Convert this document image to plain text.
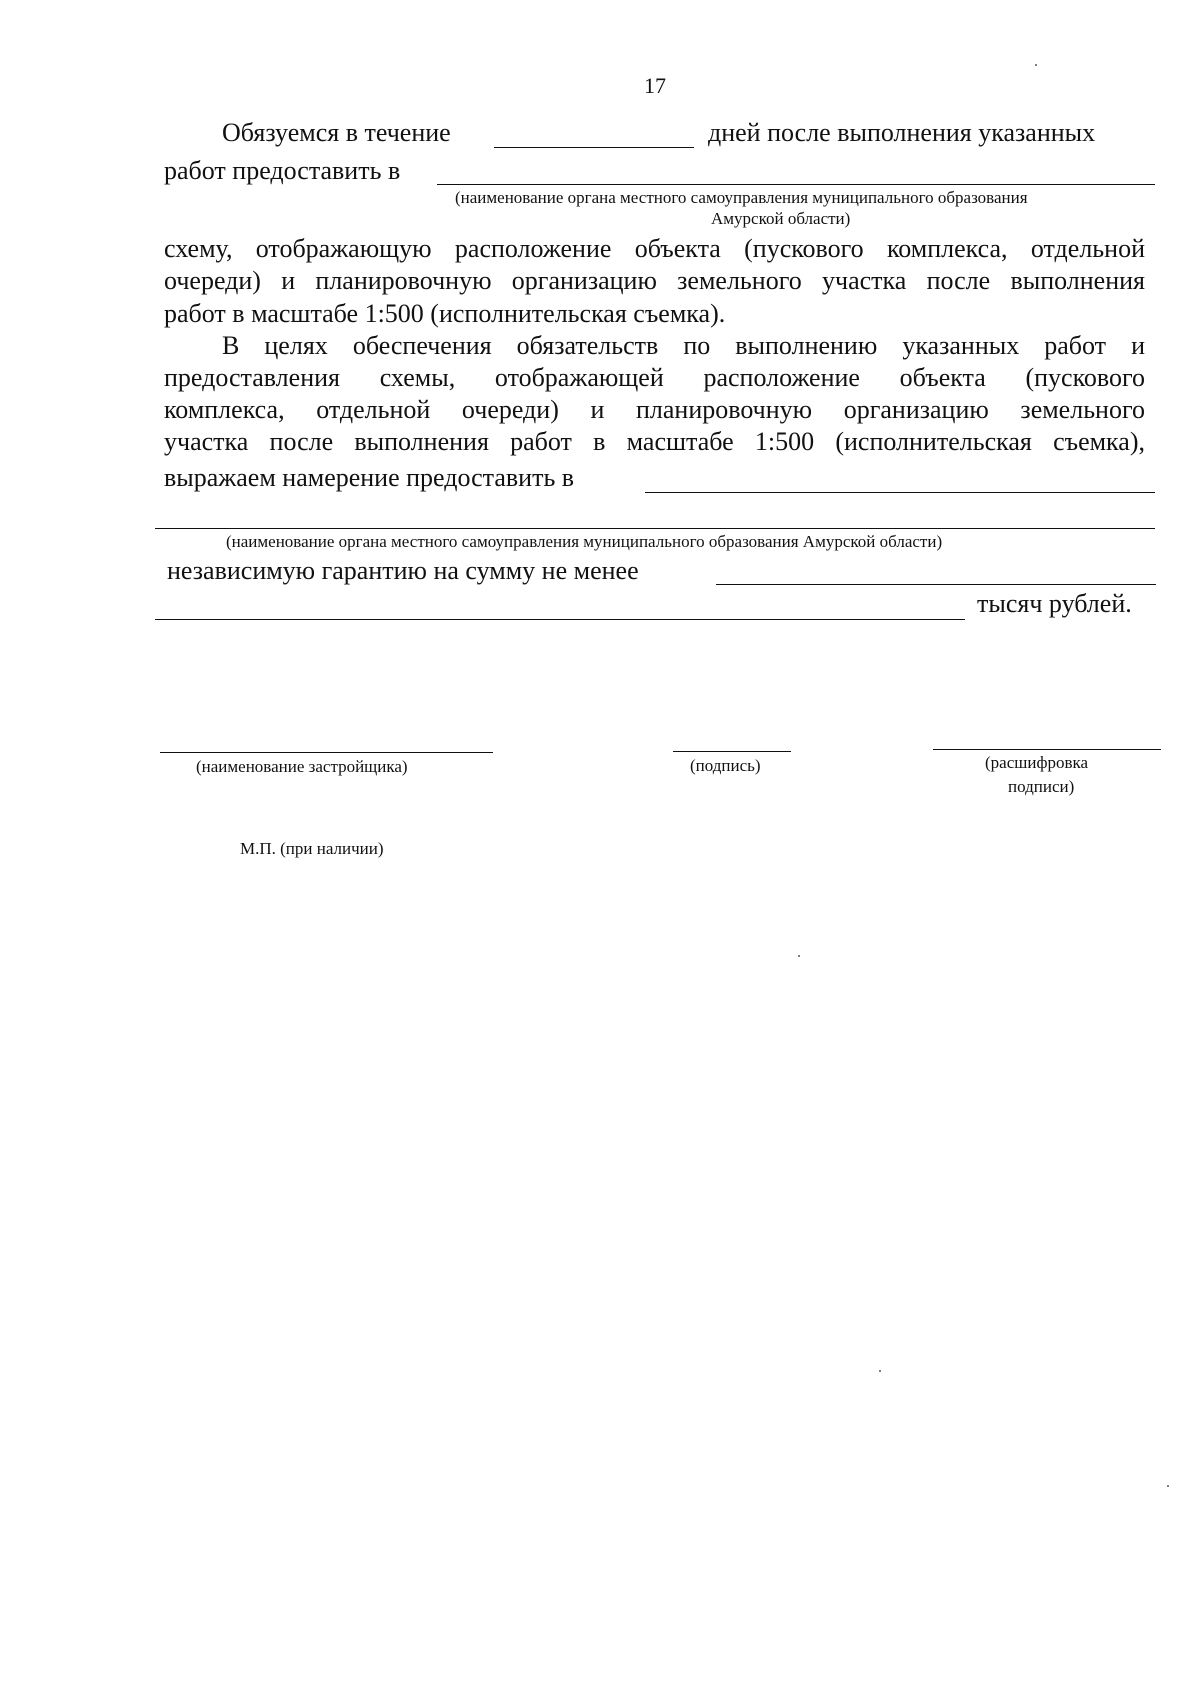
17
Обязуемся в течение	дней после выполнения указанных
работ предоставить в
(наименование органа местного самоуправления муниципального образования
Амурской области)
схему, отображающую расположение объекта (пускового комплекса, отдельной
очереди) и планировочную организацию земельного участка после выполнения
работ в масштабе 1:500 (исполнительская съемка).
В целях обеспечения обязательств по выполнению указанных работ и
предоставления схемы, отображающей расположение объекта (пускового
комплекса, отдельной очереди) и планировочную организацию земельного
участка после выполнения работ в масштабе 1:500 (исполнительская съемка),
выражаем намерение предоставить в
(наименование органа местного самоуправления муниципального образования Амурской области)
независимую гарантию на сумму не менее
тысяч рублей.
(наименование застройщика)	(подпись)	(расшифровка
подписи)
М.П. (при наличии)
